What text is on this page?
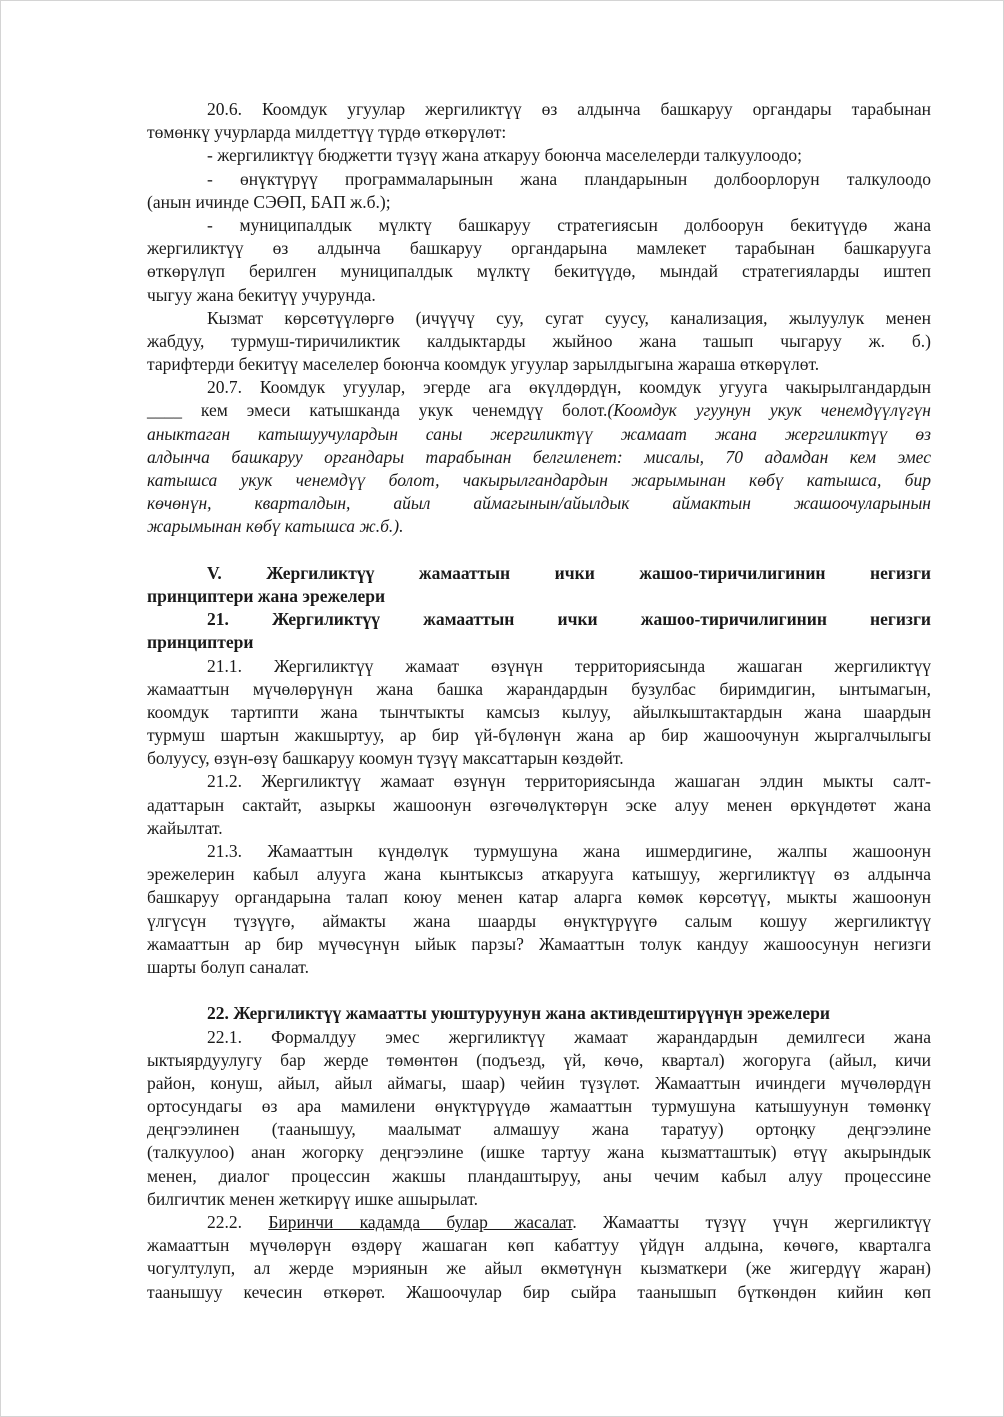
20.6. Коомдук угуулар жергиликтүү өз алдынча башкаруу органдары тарабынан
төмөнкү учурларда милдеттүү түрдө өткөрүлөт:
- жергиликтүү бюджетти түзүү жана аткаруу боюнча маселелерди талкуулоодо;
- өнүктүрүү программаларынын жана пландарынын долбоорлорун талкулоодо
(анын ичинде СЭӨП, БАП ж.б.);
- муниципалдык мүлктү башкаруу стратегиясын долбоорун бекитүүдө жана
жергиликтүү өз алдынча башкаруу органдарына мамлекет тарабынан башкарууга
өткөрүлүп берилген муниципалдык мүлктү бекитүүдө, мындай стратегияларды иштеп
чыгуу жана бекитүү учурунда.
Кызмат көрсөтүүлөргө (ичүүчү суу, сугат суусу, канализация, жылуулук менен
жабдуу, турмуш-тиричиликтик калдыктарды жыйноо жана ташып чыгаруу ж. б.)
тарифтерди бекитүү маселелер боюнча коомдук угуулар зарылдыгына жараша өткөрүлөт.
20.7. Коомдук угуулар, эгерде ага өкүлдөрдүн, коомдук угууга чакырылгандардын
____ кем эмеси катышканда укук ченемдүү болот.(Коомдук угуунун укук ченемдүүлүгүн
аныктаган катышуучулардын саны жергиликтүү жамаат жана жергиликтүү өз
алдынча башкаруу органдары тарабынан белгиленет: мисалы, 70 адамдан кем эмес
катышса укук ченемдүү болот, чакырылгандардын жарымынан көбү катышса, бир
көчөнүн, кварталдын, айыл аймагынын/айылдык аймактын жашоочуларынын
жарымынан көбү катышса ж.б.).
V. Жергиликтүү жамааттын ички жашоо-тиричилигинин негизги
принциптери жана эрежелери
21. Жергиликтүү жамааттын ички жашоо-тиричилигинин негизги
принциптери
21.1. Жергиликтүү жамаат өзүнүн территориясында жашаган жергиликтүү
жамааттын мүчөлөрүнүн жана башка жарандардын бузулбас биримдигин, ынтымагын,
коомдук тартипти жана тынчтыкты камсыз кылуу, айылкыштактардын жана шаардын
турмуш шартын жакшыртуу, ар бир үй-бүлөнүн жана ар бир жашоочунун жыргалчылыгы
болуусу, өзүн-өзү башкаруу коомун түзүү максаттарын көздөйт.
21.2. Жергиликтүү жамаат өзүнүн территориясында жашаган элдин мыкты салт-
адаттарын сактайт, азыркы жашоонун өзгөчөлүктөрүн эске алуу менен өркүндөтөт жана
жайылтат.
21.3. Жамааттын күндөлүк турмушуна жана ишмердигине, жалпы жашоонун
эрежелерин кабыл алууга жана кынтыксыз аткарууга катышуу, жергиликтүү өз алдынча
башкаруу органдарына талап коюу менен катар аларга көмөк көрсөтүү, мыкты жашоонун
үлгүсүн түзүүгө, аймакты жана шаарды өнүктүрүүгө салым кошуу жергиликтүү
жамааттын ар бир мүчөсүнүн ыйык парзы? Жамааттын толук кандуу жашоосунун негизги
шарты болуп саналат.
22. Жергиликтүү жамаатты уюштуруунун жана активдештирүүнүн эрежелери
22.1. Формалдуу эмес жергиликтүү жамаат жарандардын демилгеси жана
ыктыярдуулугу бар жерде төмөнтөн (подъезд, үй, көчө, квартал) жогоруга (айыл, кичи
район, конуш, айыл, айыл аймагы, шаар) чейин түзүлөт. Жамааттын ичиндеги мүчөлөрдүн
ортосундагы өз ара мамилени өнүктүрүүдө жамааттын турмушуна катышуунун төмөнкү
деңгээлинен (таанышуу, маалымат алмашуу жана таратуу) ортоңку деңгээлине
(талкуулоо) анан жогорку деңгээлине (ишке тартуу жана кызматташтык) өтүү акырындык
менен, диалог процессин жакшы пландаштыруу, аны чечим кабыл алуу процессине
билгичтик менен жеткирүү ишке ашырылат.
22.2. Биринчи кадамда булар жасалат. Жамаатты түзүү үчүн жергиликтүү
жамааттын мүчөлөрүн өздөрү жашаган көп кабаттуу үйдүн алдына, көчөгө, кварталга
чогултулуп, ал жерде мэриянын же айыл өкмөтүнүн кызматкери (же жигердүү жаран)
таанышуу кечесин өткөрөт. Жашоочулар бир сыйра таанышып бүткөндөн кийин көп
